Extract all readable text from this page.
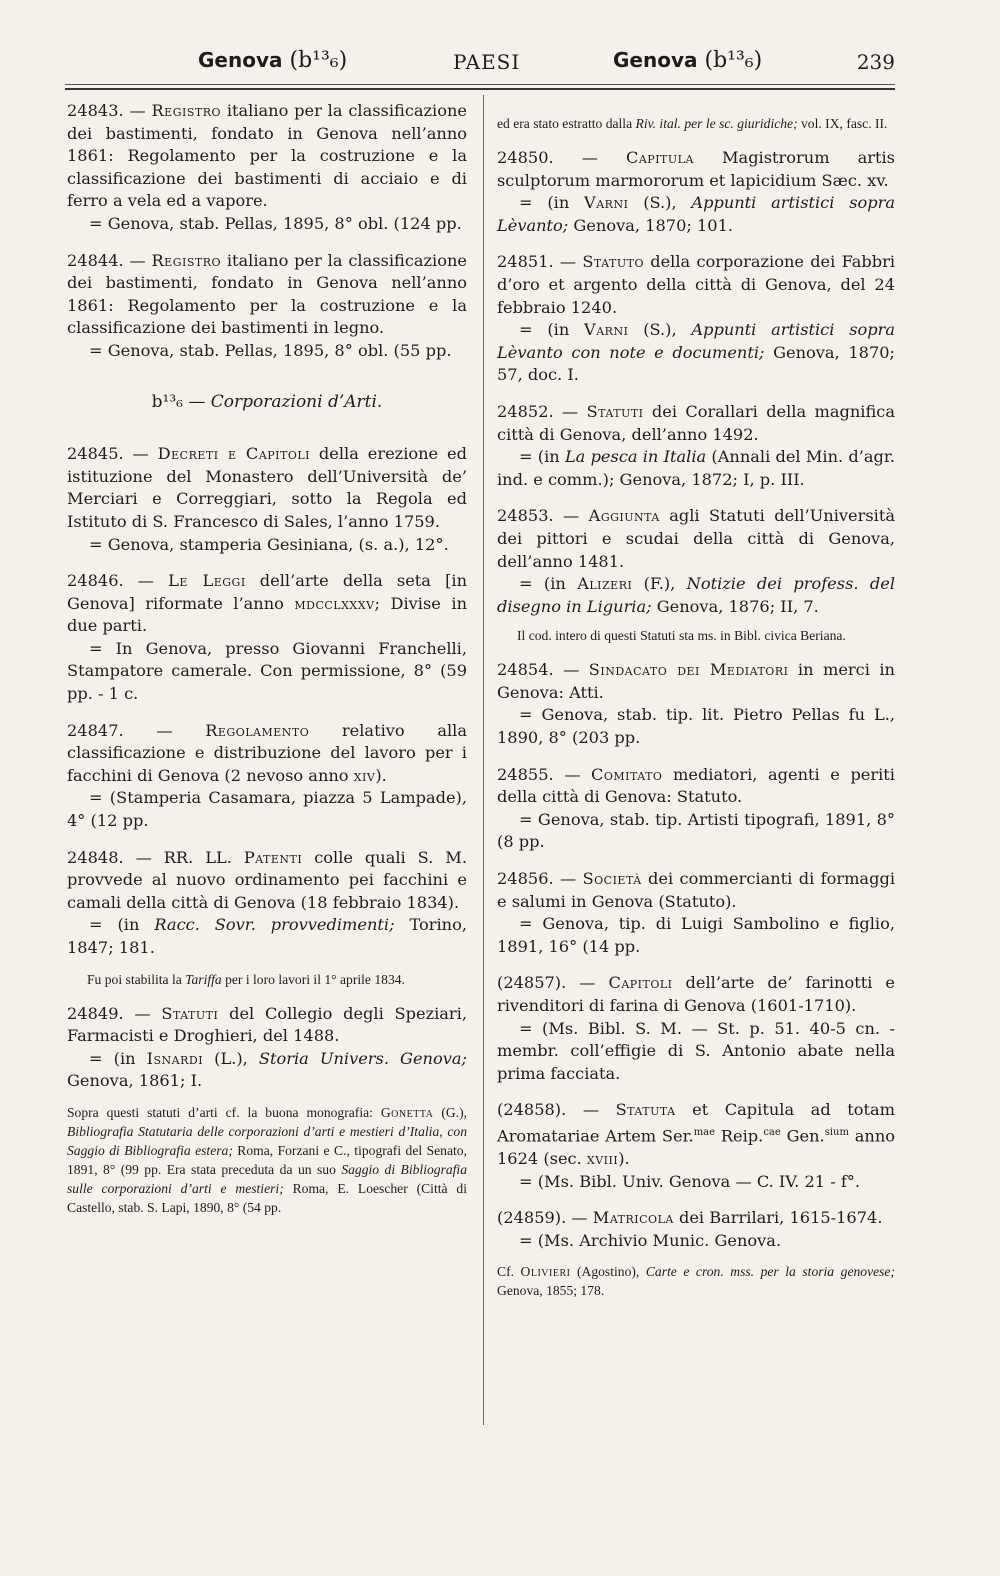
Genova (b¹³₆)	PAESI	Genova (b¹³₆)	239

24843. — Registro italiano per la classificazione dei bastimenti, fondato in Genova nell’anno 1861: Regolamento per la costruzione e la classificazione dei bastimenti di acciaio e di ferro a vela ed a vapore.

= Genova, stab. Pellas, 1895, 8° obl. (124 pp.

24844. — Registro italiano per la classificazione dei bastimenti, fondato in Genova nell’anno 1861: Regolamento per la costruzione e la classificazione dei bastimenti in legno.

= Genova, stab. Pellas, 1895, 8° obl. (55 pp.

b¹³₆ — Corporazioni d’Arti.

24845. — Decreti e Capitoli della erezione ed istituzione del Monastero dell’Università de’ Merciari e Correggiari, sotto la Regola ed Istituto di S. Francesco di Sales, l’anno 1759.

= Genova, stamperia Gesiniana, (s. a.), 12°.

24846. — Le Leggi dell’arte della seta [in Genova] riformate l’anno mdcclxxxv; Divise in due parti.

= In Genova, presso Giovanni Franchelli, Stampatore camerale. Con permissione, 8° (59 pp. - 1 c.

24847. — Regolamento relativo alla classificazione e distribuzione del lavoro per i facchini di Genova (2 nevoso anno xiv).

= (Stamperia Casamara, piazza 5 Lampade), 4° (12 pp.

24848. — RR. LL. Patenti colle quali S. M. provvede al nuovo ordinamento pei facchini e camali della città di Genova (18 febbraio 1834).

= (in Racc. Sovr. provvedimenti; Torino, 1847; 181.

Fu poi stabilita la Tariffa per i loro lavori il 1° aprile 1834.

24849. — Statuti del Collegio degli Speziari, Farmacisti e Droghieri, del 1488.

= (in Isnardi (L.), Storia Univers. Genova; Genova, 1861; I.

Sopra questi statuti d’arti cf. la buona monografia: Gonetta (G.), Bibliografia Statutaria delle corporazioni d’arti e mestieri d’Italia, con Saggio di Bibliografia estera; Roma, Forzani e C., tipografi del Senato, 1891, 8° (99 pp. Era stata preceduta da un suo Saggio di Bibliografia sulle corporazioni d’arti e mestieri; Roma, E. Loescher (Città di Castello, stab. S. Lapi, 1890, 8° (54 pp.

ed era stato estratto dalla Riv. ital. per le sc. giuridiche; vol. IX, fasc. II.

24850. — Capitula Magistrorum artis sculptorum marmororum et lapicidium Sæc. xv.

= (in Varni (S.), Appunti artistici sopra Lèvanto; Genova, 1870; 101.

24851. — Statuto della corporazione dei Fabbri d’oro et argento della città di Genova, del 24 febbraio 1240.

= (in Varni (S.), Appunti artistici sopra Lèvanto con note e documenti; Genova, 1870; 57, doc. I.

24852. — Statuti dei Corallari della magnifica città di Genova, dell’anno 1492.

= (in La pesca in Italia (Annali del Min. d’agr. ind. e comm.); Genova, 1872; I, p. III.

24853. — Aggiunta agli Statuti dell’Università dei pittori e scudai della città di Genova, dell’anno 1481.

= (in Alizeri (F.), Notizie dei profess. del disegno in Liguria; Genova, 1876; II, 7.

Il cod. intero di questi Statuti sta ms. in Bibl. civica Beriana.

24854. — Sindacato dei Mediatori in merci in Genova: Atti.

= Genova, stab. tip. lit. Pietro Pellas fu L., 1890, 8° (203 pp.

24855. — Comitato mediatori, agenti e periti della città di Genova: Statuto.

= Genova, stab. tip. Artisti tipografi, 1891, 8° (8 pp.

24856. — Società dei commercianti di formaggi e salumi in Genova (Statuto).

= Genova, tip. di Luigi Sambolino e figlio, 1891, 16° (14 pp.

(24857). — Capitoli dell’arte de’ farinotti e rivenditori di farina di Genova (1601-1710).

= (Ms. Bibl. S. M. — St. p. 51. 40-5 cn. - membr. coll’effigie di S. Antonio abate nella prima facciata.

(24858). — Statuta et Capitula ad totam Aromatariae Artem Ser.$^{mae}$ Reip.$^{cae}$ Gen.$^{sium}$ anno 1624 (sec. xviii).

= (Ms. Bibl. Univ. Genova — C. IV. 21 - f°.

(24859). — Matricola dei Barrilari, 1615-1674.

= (Ms. Archivio Munic. Genova.

Cf. Olivieri (Agostino), Carte e cron. mss. per la storia genovese; Genova, 1855; 178.
